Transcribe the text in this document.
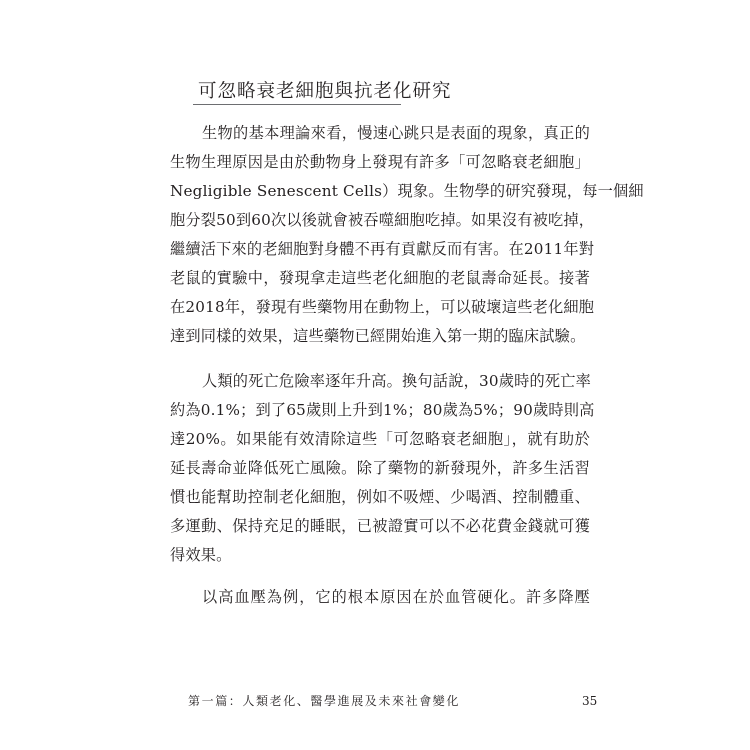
可忽略衰老細胞與抗老化研究
生物的基本理論來看，慢速心跳只是表面的現象，真正的
生物生理原因是由於動物身上發現有許多「可忽略衰老細胞」
Negligible Senescent Cells）現象。生物學的研究發現，每一個細
胞分裂50到60次以後就會被吞噬細胞吃掉。如果沒有被吃掉，
繼續活下來的老細胞對身體不再有貢獻反而有害。在2011年對
老鼠的實驗中，發現拿走這些老化細胞的老鼠壽命延長。接著
在2018年，發現有些藥物用在動物上，可以破壞這些老化細胞
達到同樣的效果，這些藥物已經開始進入第一期的臨床試驗。
人類的死亡危險率逐年升高。換句話說，30歲時的死亡率
約為0.1%；到了65歲則上升到1%；80歲為5%；90歲時則高
達20%。如果能有效清除這些「可忽略衰老細胞」，就有助於
延長壽命並降低死亡風險。除了藥物的新發現外，許多生活習
慣也能幫助控制老化細胞，例如不吸煙、少喝酒、控制體重、
多運動、保持充足的睡眠，已被證實可以不必花費金錢就可獲
得效果。
以高血壓為例，它的根本原因在於血管硬化。許多降壓
第一篇：人類老化、醫學進展及未來社會變化	35
